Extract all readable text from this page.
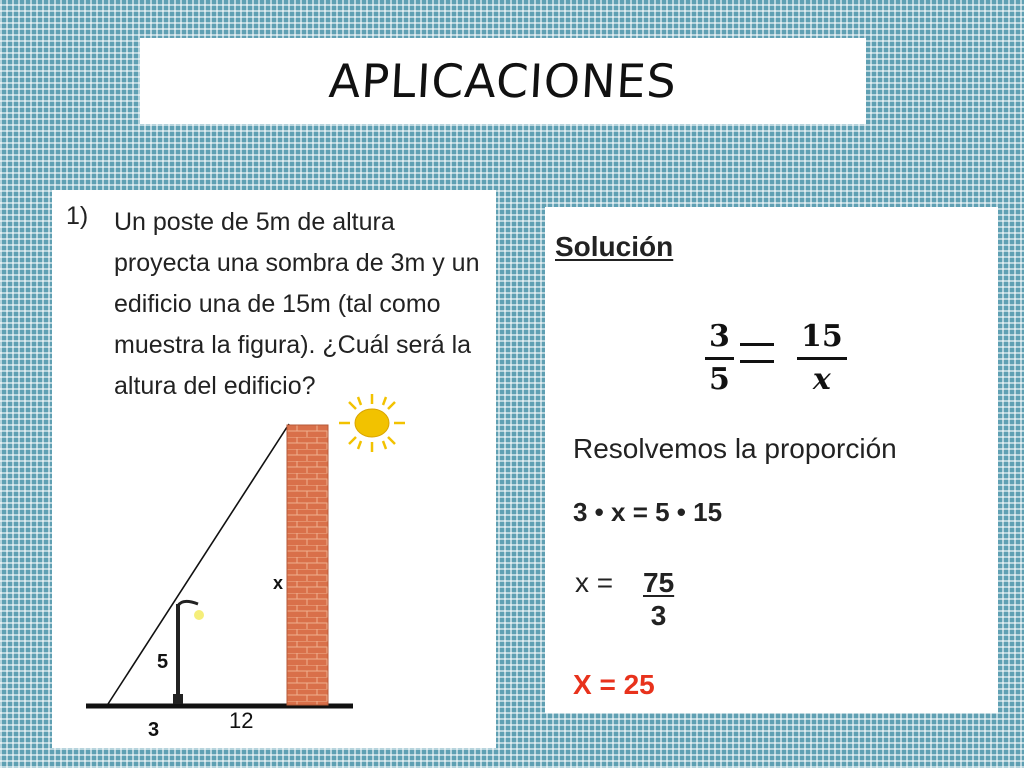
APLICACIONES
1) Un poste de 5m de altura proyecta una sombra de 3m y un edificio una de 15m (tal como muestra la figura). ¿Cuál será la altura del edificio?
x
5
3	12
Solución
$\frac{3}{5} \frac{15}{x}$
Resolvemos la proporción
3 • x = 5 • 15
$x = \frac{75}{3}$
X = 25
